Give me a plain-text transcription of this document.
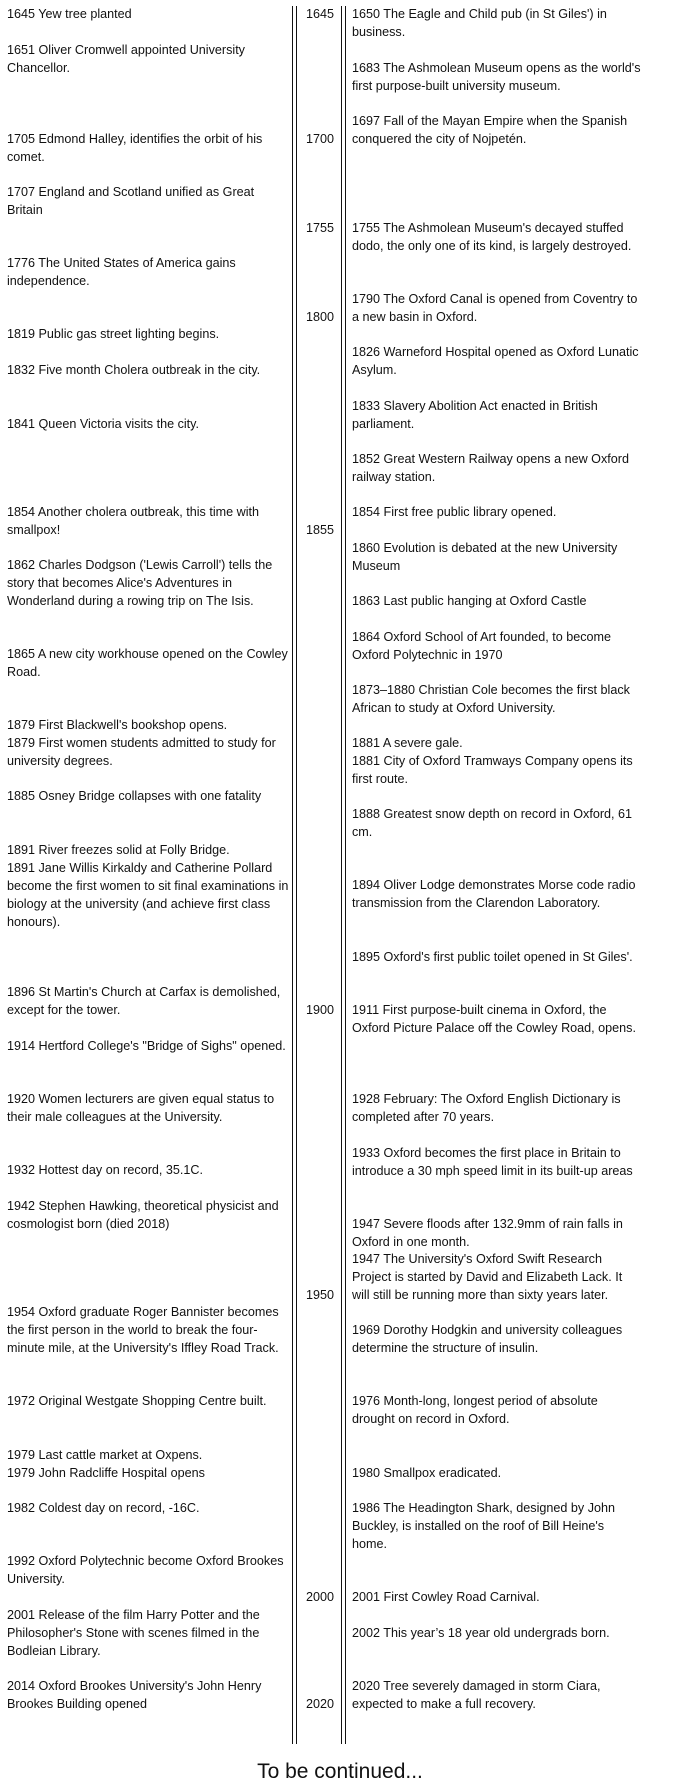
1645 Yew tree planted
1651 Oliver Cromwell appointed University Chancellor.
1705 Edmond Halley, identifies the orbit of his comet.
1707 England and Scotland unified as Great Britain
1776 The United States of America gains independence.
1819 Public gas street lighting begins.
1832 Five month Cholera outbreak in the city.
1841 Queen Victoria visits the city.
1854 Another cholera outbreak, this time with smallpox!
1862 Charles Dodgson ('Lewis Carroll') tells the story that becomes Alice's Adventures in Wonderland during a rowing trip on The Isis.
1865 A new city workhouse opened on the Cowley Road.
1879 First Blackwell's bookshop opens.
1879 First women students admitted to study for university degrees.
1885 Osney Bridge collapses with one fatality
1891 River freezes solid at Folly Bridge.
1891 Jane Willis Kirkaldy and Catherine Pollard become the first women to sit final examinations in biology at the university (and achieve first class honours).
1896 St Martin's Church at Carfax is demolished, except for the tower.
1914 Hertford College's "Bridge of Sighs" opened.
1920 Women lecturers are given equal status to their male colleagues at the University.
1932 Hottest day on record, 35.1C.
1942 Stephen Hawking, theoretical physicist and cosmologist born (died 2018)
1954 Oxford graduate Roger Bannister becomes the first person in the world to break the four-minute mile, at the University's Iffley Road Track.
1972 Original Westgate Shopping Centre built.
1979 Last cattle market at Oxpens.
1979 John Radcliffe Hospital opens
1982 Coldest day on record, -16C.
1992 Oxford Polytechnic become Oxford Brookes University.
2001 Release of the film Harry Potter and the Philosopher's Stone with scenes filmed in the Bodleian Library.
2014 Oxford Brookes University's John Henry Brookes Building opened
1645
1700
1755
1800
1855
1900
1950
2000
2020
1650 The Eagle and Child pub (in St Giles') in business.
1683 The Ashmolean Museum opens as the world's first purpose-built university museum.
1697 Fall of the Mayan Empire when the Spanish conquered the city of Nojpetén.
1755 The Ashmolean Museum's decayed stuffed dodo, the only one of its kind, is largely destroyed.
1790 The Oxford Canal is opened from Coventry to a new basin in Oxford.
1826 Warneford Hospital opened as Oxford Lunatic Asylum.
1833 Slavery Abolition Act enacted in British parliament.
1852 Great Western Railway opens a new Oxford railway station.
1854 First free public library opened.
1860 Evolution is debated at the new University Museum
1863 Last public hanging at Oxford Castle
1864 Oxford School of Art founded, to become Oxford Polytechnic in 1970
1873–1880 Christian Cole becomes the first black African to study at Oxford University.
1881 A severe gale.
1881 City of Oxford Tramways Company opens its first route.
1888 Greatest snow depth on record in Oxford, 61 cm.
1894 Oliver Lodge demonstrates Morse code radio transmission from the Clarendon Laboratory.
1895 Oxford's first public toilet opened in St Giles'.
1911 First purpose-built cinema in Oxford, the Oxford Picture Palace off the Cowley Road, opens.
1928 February: The Oxford English Dictionary is completed after 70 years.
1933 Oxford becomes the first place in Britain to introduce a 30 mph speed limit in its built-up areas
1947 Severe floods after 132.9mm of rain falls in Oxford in one month.
1947 The University's Oxford Swift Research Project is started by David and Elizabeth Lack. It will still be running more than sixty years later.
1969 Dorothy Hodgkin and university colleagues determine the structure of insulin.
1976 Month-long, longest period of absolute drought on record in Oxford.
1980 Smallpox eradicated.
1986 The Headington Shark, designed by John Buckley, is installed on the roof of Bill Heine's home.
2001 First Cowley Road Carnival.
2002 This year’s 18 year old undergrads born.
2020 Tree severely damaged in storm Ciara, expected to make a full recovery.
To be continued...
